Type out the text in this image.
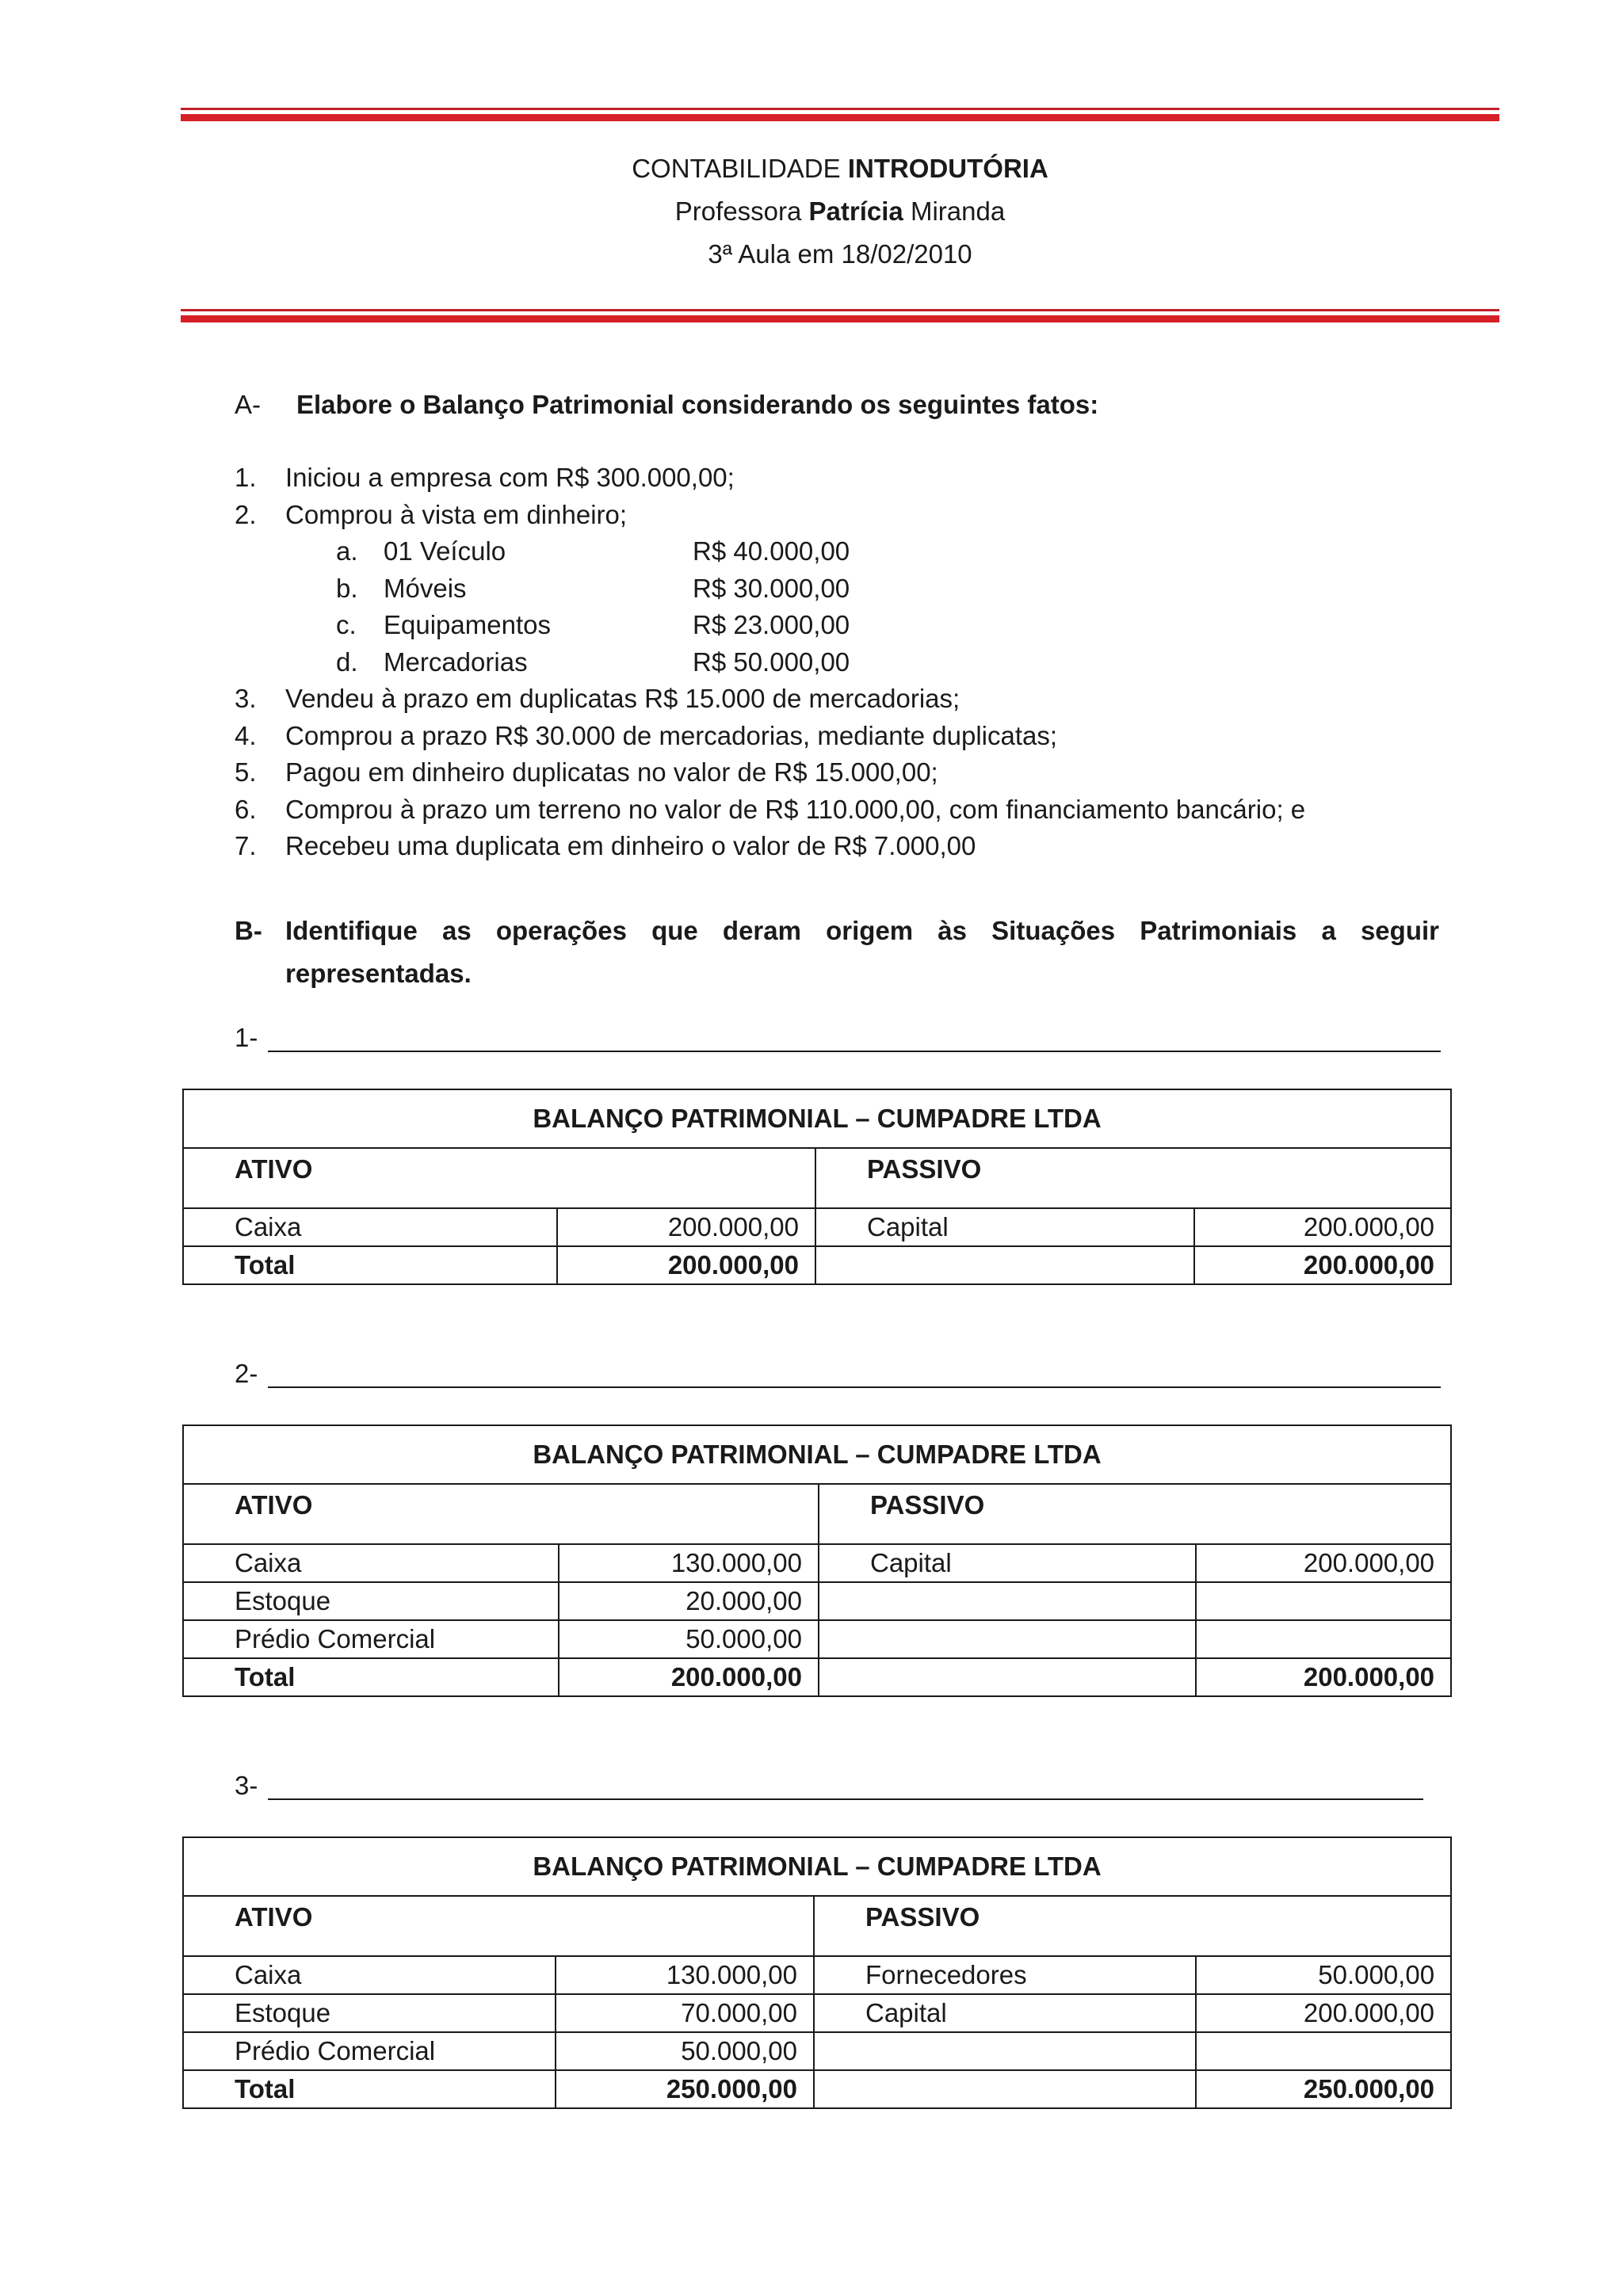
CONTABILIDADE INTRODUTÓRIA
Professora Patrícia Miranda
3ª Aula em 18/02/2010
A- Elabore o Balanço Patrimonial considerando os seguintes fatos:
1. Iniciou a empresa com R$ 300.000,00;
2. Comprou à vista em dinheiro;
a. 01 Veículo	R$ 40.000,00
b. Móveis	R$ 30.000,00
c. Equipamentos	R$ 23.000,00
d. Mercadorias	R$ 50.000,00
3. Vendeu à prazo em duplicatas R$ 15.000 de mercadorias;
4. Comprou a prazo R$ 30.000 de mercadorias, mediante duplicatas;
5. Pagou em dinheiro duplicatas no valor de R$ 15.000,00;
6. Comprou à prazo um terreno no valor de R$ 110.000,00, com financiamento bancário; e
7. Recebeu uma duplicata em dinheiro o valor de R$ 7.000,00
B- Identifique as operações que deram origem às Situações Patrimoniais a seguir representadas.
1-
BALANÇO PATRIMONIAL – CUMPADRE LTDA			
ATIVO		PASSIVO	
Caixa	200.000,00	Capital	200.000,00
Total	200.000,00		200.000,00
2-
BALANÇO PATRIMONIAL – CUMPADRE LTDA			
ATIVO		PASSIVO	
Caixa	130.000,00	Capital	200.000,00
Estoque	20.000,00		
Prédio Comercial	50.000,00		
Total	200.000,00		200.000,00
3-
BALANÇO PATRIMONIAL – CUMPADRE LTDA			
ATIVO		PASSIVO	
Caixa	130.000,00	Fornecedores	50.000,00
Estoque	70.000,00	Capital	200.000,00
Prédio Comercial	50.000,00		
Total	250.000,00		250.000,00
